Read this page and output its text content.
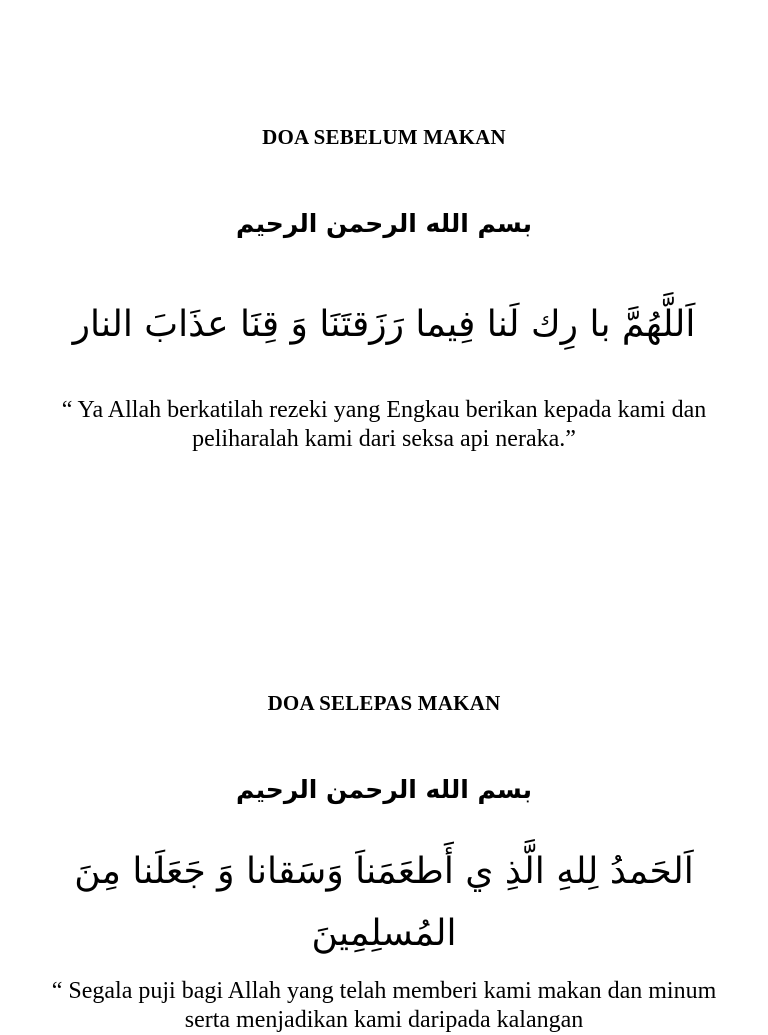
DOA SEBELUM MAKAN
بسم الله الرحمن الرحيم
اَللَّهُمَّ با رِك لَنا فِيما رَزَقتَنَا وَ قِنَا عذَابَ النار
“ Ya Allah berkatilah rezeki yang Engkau berikan kepada kami dan peliharalah kami dari seksa api neraka.”
DOA SELEPAS MAKAN
بسم الله الرحمن الرحيم
اَلحَمدُ لِلهِ الَّذِ ي أَطعَمَناَ وَسَقانا وَ جَعَلَنا مِنَ المُسلِمِينَ
“ Segala puji bagi Allah yang telah memberi kami makan dan minum serta menjadikan kami daripada kalangan
